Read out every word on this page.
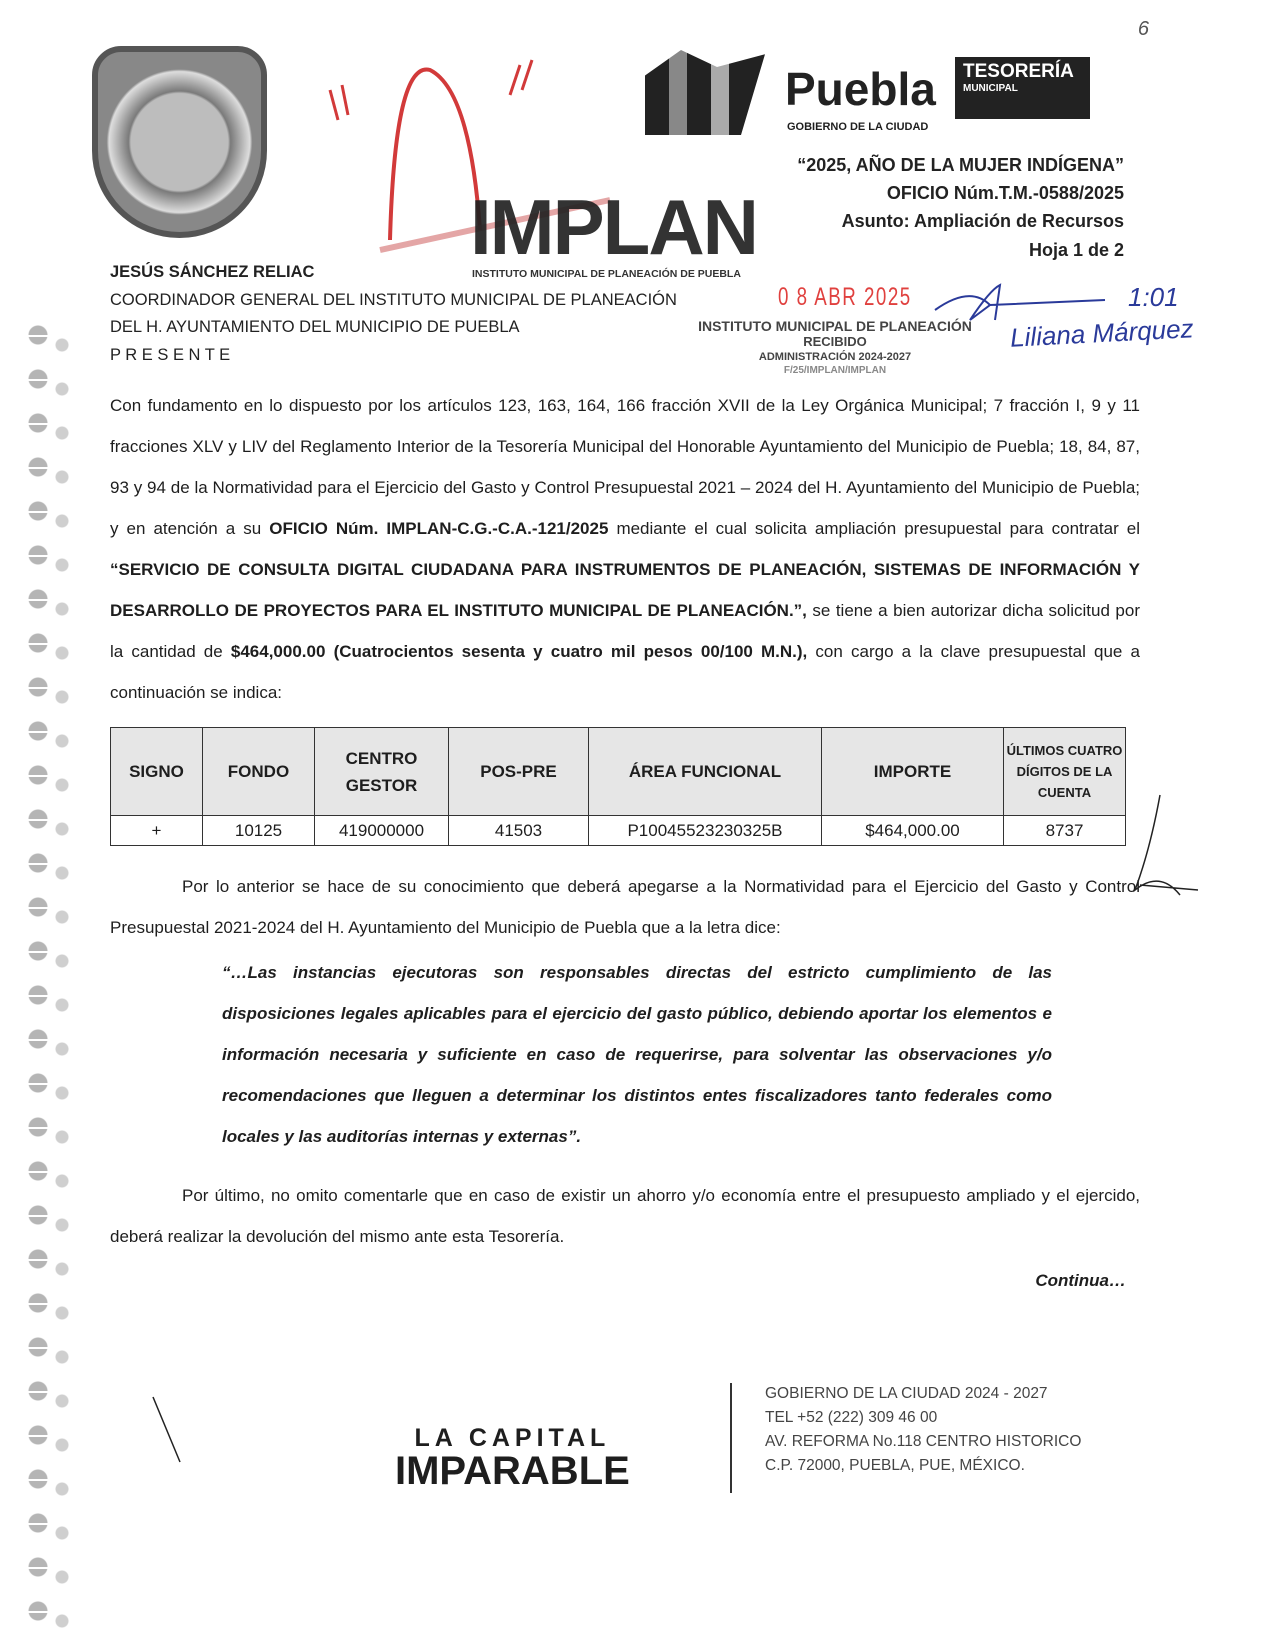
6
Puebla
GOBIERNO DE LA CIUDAD
TESORERÍA
MUNICIPAL
IMPLAN
INSTITUTO MUNICIPAL DE PLANEACIÓN DE PUEBLA
“2025, AÑO DE LA MUJER INDÍGENA”
OFICIO Núm.T.M.-0588/2025
Asunto: Ampliación de Recursos
Hoja 1 de 2
JESÚS SÁNCHEZ RELIAC
COORDINADOR GENERAL DEL INSTITUTO MUNICIPAL DE PLANEACIÓN
DEL H. AYUNTAMIENTO DEL MUNICIPIO DE PUEBLA
P R E S E N T E
0 8 ABR 2025
INSTITUTO MUNICIPAL DE PLANEACIÓN
RECIBIDO
ADMINISTRACIÓN 2024-2027
F/25/IMPLAN/IMPLAN
1:01
Liliana Márquez
Con fundamento en lo dispuesto por los artículos 123, 163, 164, 166 fracción XVII de la Ley Orgánica Municipal; 7 fracción I, 9 y 11 fracciones XLV y LIV del Reglamento Interior de la Tesorería Municipal del Honorable Ayuntamiento del Municipio de Puebla; 18, 84, 87, 93 y 94 de la Normatividad para el Ejercicio del Gasto y Control Presupuestal 2021 – 2024 del H. Ayuntamiento del Municipio de Puebla; y en atención a su OFICIO Núm. IMPLAN-C.G.-C.A.-121/2025 mediante el cual solicita ampliación presupuestal para contratar el “SERVICIO DE CONSULTA DIGITAL CIUDADANA PARA INSTRUMENTOS DE PLANEACIÓN, SISTEMAS DE INFORMACIÓN Y DESARROLLO DE PROYECTOS PARA EL INSTITUTO MUNICIPAL DE PLANEACIÓN.”, se tiene a bien autorizar dicha solicitud por la cantidad de $464,000.00 (Cuatrocientos sesenta y cuatro mil pesos 00/100 M.N.), con cargo a la clave presupuestal que a continuación se indica:
SIGNO	FONDO	CENTRO GESTOR	POS-PRE	ÁREA FUNCIONAL	IMPORTE	ÚLTIMOS CUATRO DÍGITOS DE LA CUENTA
+	10125	419000000	41503	P10045523230325B	$464,000.00	8737
Por lo anterior se hace de su conocimiento que deberá apegarse a la Normatividad para el Ejercicio del Gasto y Control Presupuestal 2021-2024 del H. Ayuntamiento del Municipio de Puebla que a la letra dice:
“…Las instancias ejecutoras son responsables directas del estricto cumplimiento de las disposiciones legales aplicables para el ejercicio del gasto público, debiendo aportar los elementos e información necesaria y suficiente en caso de requerirse, para solventar las observaciones y/o recomendaciones que lleguen a determinar los distintos entes fiscalizadores tanto federales como locales y las auditorías internas y externas”.
Por último, no omito comentarle que en caso de existir un ahorro y/o economía entre el presupuesto ampliado y el ejercido, deberá realizar la devolución del mismo ante esta Tesorería.
Continua…
LA CAPITAL
IMPARABLE
GOBIERNO DE LA CIUDAD 2024 - 2027
TEL +52 (222) 309 46 00
AV. REFORMA No.118 CENTRO HISTORICO
C.P. 72000, PUEBLA, PUE, MÉXICO.
